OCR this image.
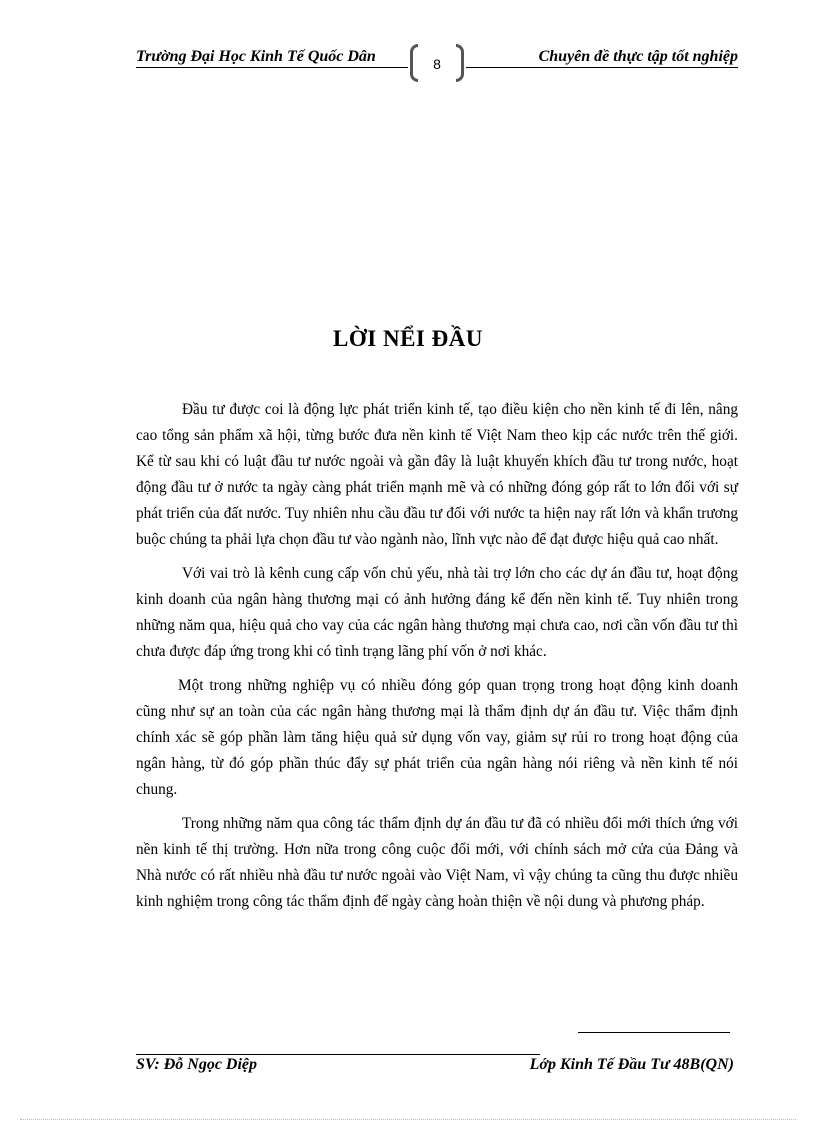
Trường Đại Học Kinh Tế Quốc Dân	8	Chuyên đề thực tập tốt nghiệp
LỜI NỂI ĐẦU

Đầu tư được coi là động lực phát triển kinh tế, tạo điều kiện cho nền kinh tế đi lên, nâng cao tổng sản phẩm xã hội, từng bước đưa nền kinh tế Việt Nam theo kịp các nước trên thế giới. Kể từ sau khi có luật đầu tư nước ngoài và gần đây là luật khuyến khích đầu tư trong nước, hoạt động đầu tư ở nước ta ngày càng phát triển mạnh mẽ và có những đóng góp rất to lớn đối với sự phát triển của đất nước. Tuy nhiên nhu cầu đầu tư đối với nước ta hiện nay rất lớn và khẩn trương buộc chúng ta phải lựa chọn đầu tư vào ngành nào, lĩnh vực nào để đạt được hiệu quả cao nhất.

Với vai trò là kênh cung cấp vốn chủ yếu, nhà tài trợ lớn cho các dự án đầu tư, hoạt động kinh doanh của ngân hàng thương mại có ảnh hưởng đáng kể đến nền kinh tế. Tuy nhiên trong những năm qua, hiệu quả cho vay của các ngân hàng thương mại chưa cao, nơi cần vốn đầu tư thì chưa được đáp ứng trong khi có tình trạng lãng phí vốn ở nơi khác.

Một trong những nghiệp vụ có nhiều đóng góp quan trọng trong hoạt động kinh doanh cũng như sự an toàn của các ngân hàng thương mại là thẩm định dự án đầu tư. Việc thẩm định chính xác sẽ góp phần làm tăng hiệu quả sử dụng vốn vay, giảm sự rủi ro trong hoạt động của ngân hàng, từ đó góp phần thúc đẩy sự phát triển của ngân hàng nói riêng và nền kinh tế nói chung.

Trong những năm qua công tác thẩm định dự án đầu tư đã có nhiều đổi mới thích ứng với nền kinh tế thị trường. Hơn nữa trong công cuộc đổi mới, với chính sách mở cửa của Đảng và Nhà nước có rất nhiều nhà đầu tư nước ngoài vào Việt Nam, vì vậy chúng ta cũng thu được nhiều kinh nghiệm trong công tác thẩm định để ngày càng hoàn thiện về nội dung và phương pháp.

SV: Đỗ Ngọc Diệp	Lớp Kinh Tế Đầu Tư 48B(QN)
